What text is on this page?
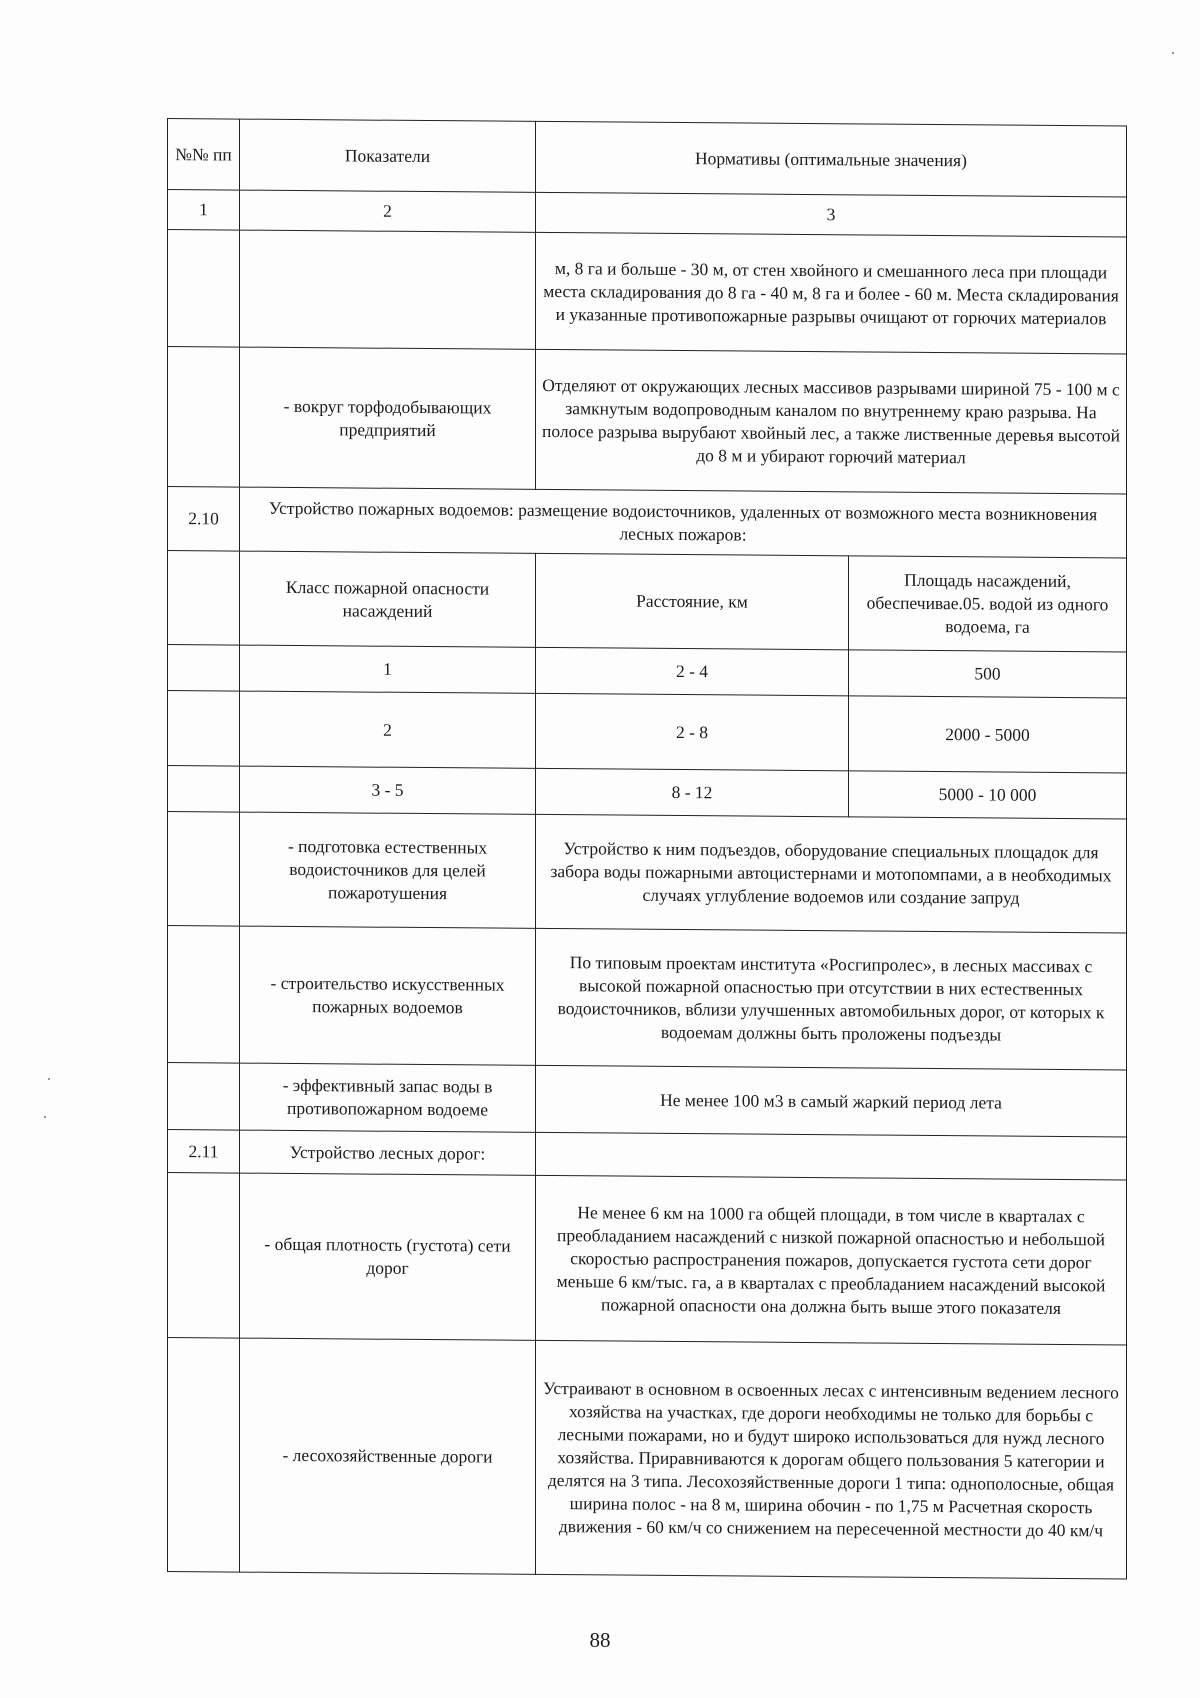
№№ пп	Показатели	Нормативы (оптимальные значения)	
1	2	3	
		м, 8 га и больше - 30 м, от стен хвойного и смешанного леса при площади места складирования до 8 га - 40 м, 8 га и более - 60 м. Места складирования и указанные противопожарные разрывы очищают от горючих материалов	
	- вокруг торфодобывающих предприятий	Отделяют от окружающих лесных массивов разрывами шириной 75 - 100 м с замкнутым водопроводным каналом по внутреннему краю разрыва. На полосе разрыва вырубают хвойный лес, а также лиственные деревья высотой до 8 м и убирают горючий материал	
2.10	Устройство пожарных водоемов: размещение водоисточников, удаленных от возможного места возникновения лесных пожаров:		
	Класс пожарной опасности насаждений	Расстояние, км	Площадь насаждений, обеспечивае.05. водой из одного водоема, га
	1	2 - 4	500
	2	2 - 8	2000 - 5000
	3 - 5	8 - 12	5000 - 10 000
	- подготовка естественных водоисточников для целей пожаротушения	Устройство к ним подъездов, оборудование специальных площадок для забора воды пожарными автоцистернами и мотопомпами, а в необходимых случаях углубление водоемов или создание запруд	
	- строительство искусственных пожарных водоемов	По типовым проектам института «Росгипролес», в лесных массивах с высокой пожарной опасностью при отсутствии в них естественных водоисточников, вблизи улучшенных автомобильных дорог, от которых к водоемам должны быть проложены подъезды	
	- эффективный запас воды в противопожарном водоеме	Не менее 100 м3 в самый жаркий период лета	
2.11	Устройство лесных дорог:		
	- общая плотность (густота) сети дорог	Не менее 6 км на 1000 га общей площади, в том числе в кварталах с преобладанием насаждений с низкой пожарной опасностью и небольшой скоростью распространения пожаров, допускается густота сети дорог меньше 6 км/тыс. га, а в кварталах с преобладанием насаждений высокой пожарной опасности она должна быть выше этого показателя	
	- лесохозяйственные дороги	Устраивают в основном в освоенных лесах с интенсивным ведением лесного хозяйства на участках, где дороги необходимы не только для борьбы с лесными пожарами, но и будут широко использоваться для нужд лесного хозяйства. Приравниваются к дорогам общего пользования 5 категории и делятся на 3 типа. Лесохозяйственные дороги 1 типа: однополосные, общая ширина полос - на 8 м, ширина обочин - по 1,75 м Расчетная скорость движения - 60 км/ч со снижением на пересеченной местности до 40 км/ч	
88
